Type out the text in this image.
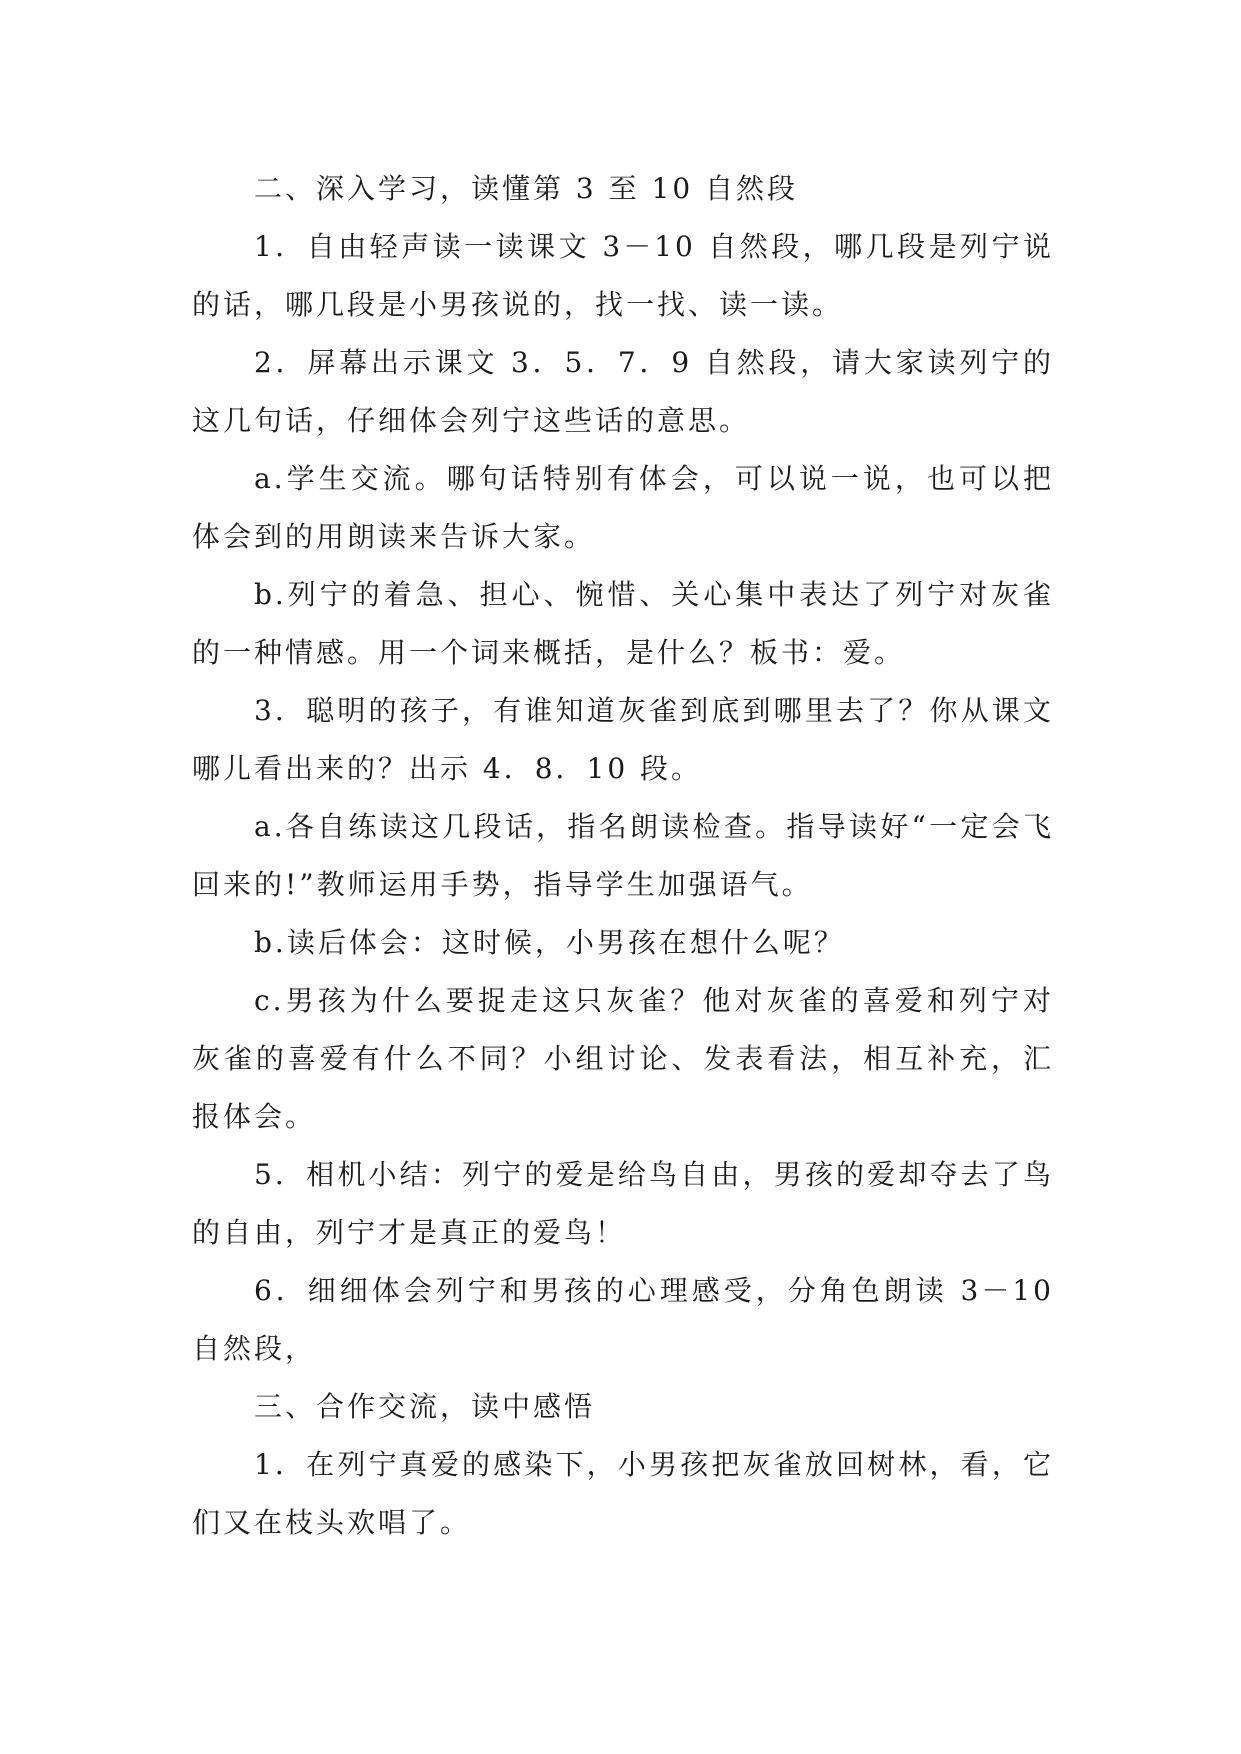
二、深入学习，读懂第 3 至 10 自然段

1．自由轻声读一读课文 3－10 自然段，哪几段是列宁说的话，哪几段是小男孩说的，找一找、读一读。

2．屏幕出示课文 3．5．7．9 自然段，请大家读列宁的这几句话，仔细体会列宁这些话的意思。

a.学生交流。哪句话特别有体会，可以说一说，也可以把体会到的用朗读来告诉大家。

b.列宁的着急、担心、惋惜、关心集中表达了列宁对灰雀的一种情感。用一个词来概括，是什么？板书：爱。

3．聪明的孩子，有谁知道灰雀到底到哪里去了？你从课文哪儿看出来的？出示 4．8．10 段。

a.各自练读这几段话，指名朗读检查。指导读好“一定会飞回来的!”教师运用手势，指导学生加强语气。

b.读后体会：这时候，小男孩在想什么呢？

c.男孩为什么要捉走这只灰雀？他对灰雀的喜爱和列宁对灰雀的喜爱有什么不同？小组讨论、发表看法，相互补充，汇报体会。

5．相机小结：列宁的爱是给鸟自由，男孩的爱却夺去了鸟的自由，列宁才是真正的爱鸟！

6．细细体会列宁和男孩的心理感受，分角色朗读 3－10 自然段，

三、合作交流，读中感悟

1．在列宁真爱的感染下，小男孩把灰雀放回树林，看，它们又在枝头欢唱了。
